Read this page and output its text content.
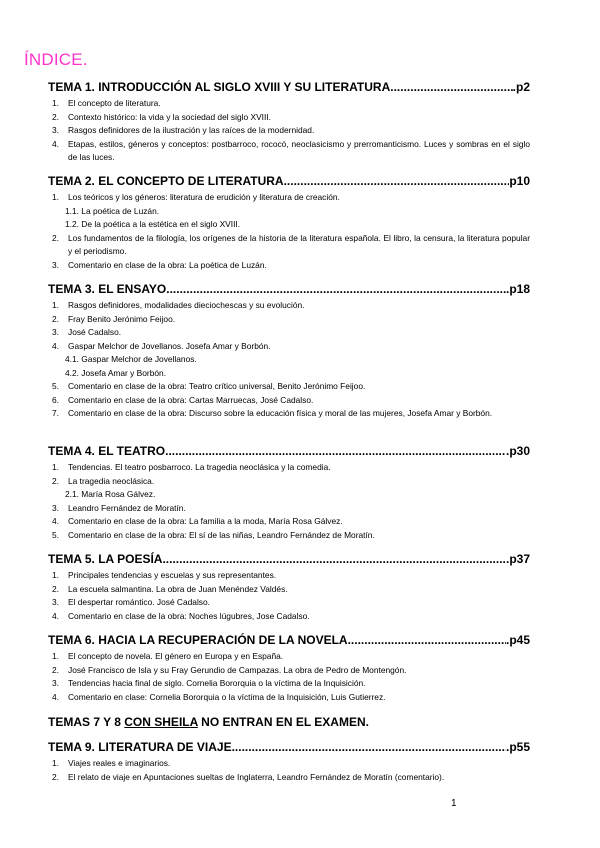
ÍNDICE.
TEMA 1. INTRODUCCIÓN AL SIGLO XVIII Y SU LITERATURA .....	.p2
1.	El concepto de literatura.
2.	Contexto histórico: la vida y la sociedad del siglo XVIII.
3.	Rasgos definidores de la ilustración y las raíces de la modernidad.
4.	Etapas, estilos, géneros y conceptos: postbarroco, rococó, neoclasicismo y prerromanticismo. Luces y sombras en el siglo de las luces.
TEMA 2. EL CONCEPTO DE LITERATURA .....	p10
1.	Los teóricos y los géneros: literatura de erudición y literatura de creación.
1.1. La poética de Luzán.
1.2. De la poética a la estética en el siglo XVIII.
2.	Los fundamentos de la filología, los orígenes de la historia de la literatura española. El libro, la censura, la literatura popular y el periodismo.
3.	Comentario en clase de la obra: La poética de Luzán.
TEMA 3. EL ENSAYO .....	.p18
1.	Rasgos definidores, modalidades dieciochescas y su evolución.
2.	Fray Benito Jerónimo Feijoo.
3.	José Cadalso.
4.	Gaspar Melchor de Jovellanos. Josefa Amar y Borbón.
4.1. Gaspar Melchor de Jovellanos.
4.2. Josefa Amar y Borbón.
5.	Comentario en clase de la obra: Teatro crítico universal, Benito Jerónimo Feijoo.
6.	Comentario en clase de la obra: Cartas Marruecas, José Cadalso.
7.	Comentario en clase de la obra: Discurso sobre la educación física y moral de las mujeres, Josefa Amar y Borbón.
TEMA 4. EL TEATRO .....	.p30
1.	Tendencias. El teatro posbarroco. La tragedia neoclásica y la comedia.
2.	La tragedia neoclásica.
2.1. María Rosa Gálvez.
3.	Leandro Fernández de Moratín.
4.	Comentario en clase de la obra: La familia a la moda, María Rosa Gálvez.
5.	Comentario en clase de la obra: El sí de las niñas, Leandro Fernández de Moratín.
TEMA 5. LA POESÍA .....	.p37
1.	Principales tendencias y escuelas y sus representantes.
2.	La escuela salmantina. La obra de Juan Menéndez Valdés.
3.	El despertar romántico. José Cadalso.
4.	Comentario en clase de la obra: Noches lúgubres, Jose Cadalso.
TEMA 6. HACIA LA RECUPERACIÓN DE LA NOVELA .....	.p45
1.	El concepto de novela. El género en Europa y en España.
2.	José Francisco de Isla y su Fray Gerundio de Campazas. La obra de Pedro de Montengón.
3.	Tendencias hacia final de siglo. Cornelia Bororquia o la víctima de la Inquisición.
4.	Comentario en clase: Cornelia Bororquia o la víctima de la Inquisición, Luis Gutierrez.
TEMAS 7 Y 8 CON SHEILA NO ENTRAN EN EL EXAMEN.
TEMA 9. LITERATURA DE VIAJE .....	.p55
1.	Viajes reales e imaginarios.
2.	El relato de viaje en Apuntaciones sueltas de Inglaterra, Leandro Fernández de Moratín (comentario).
1
